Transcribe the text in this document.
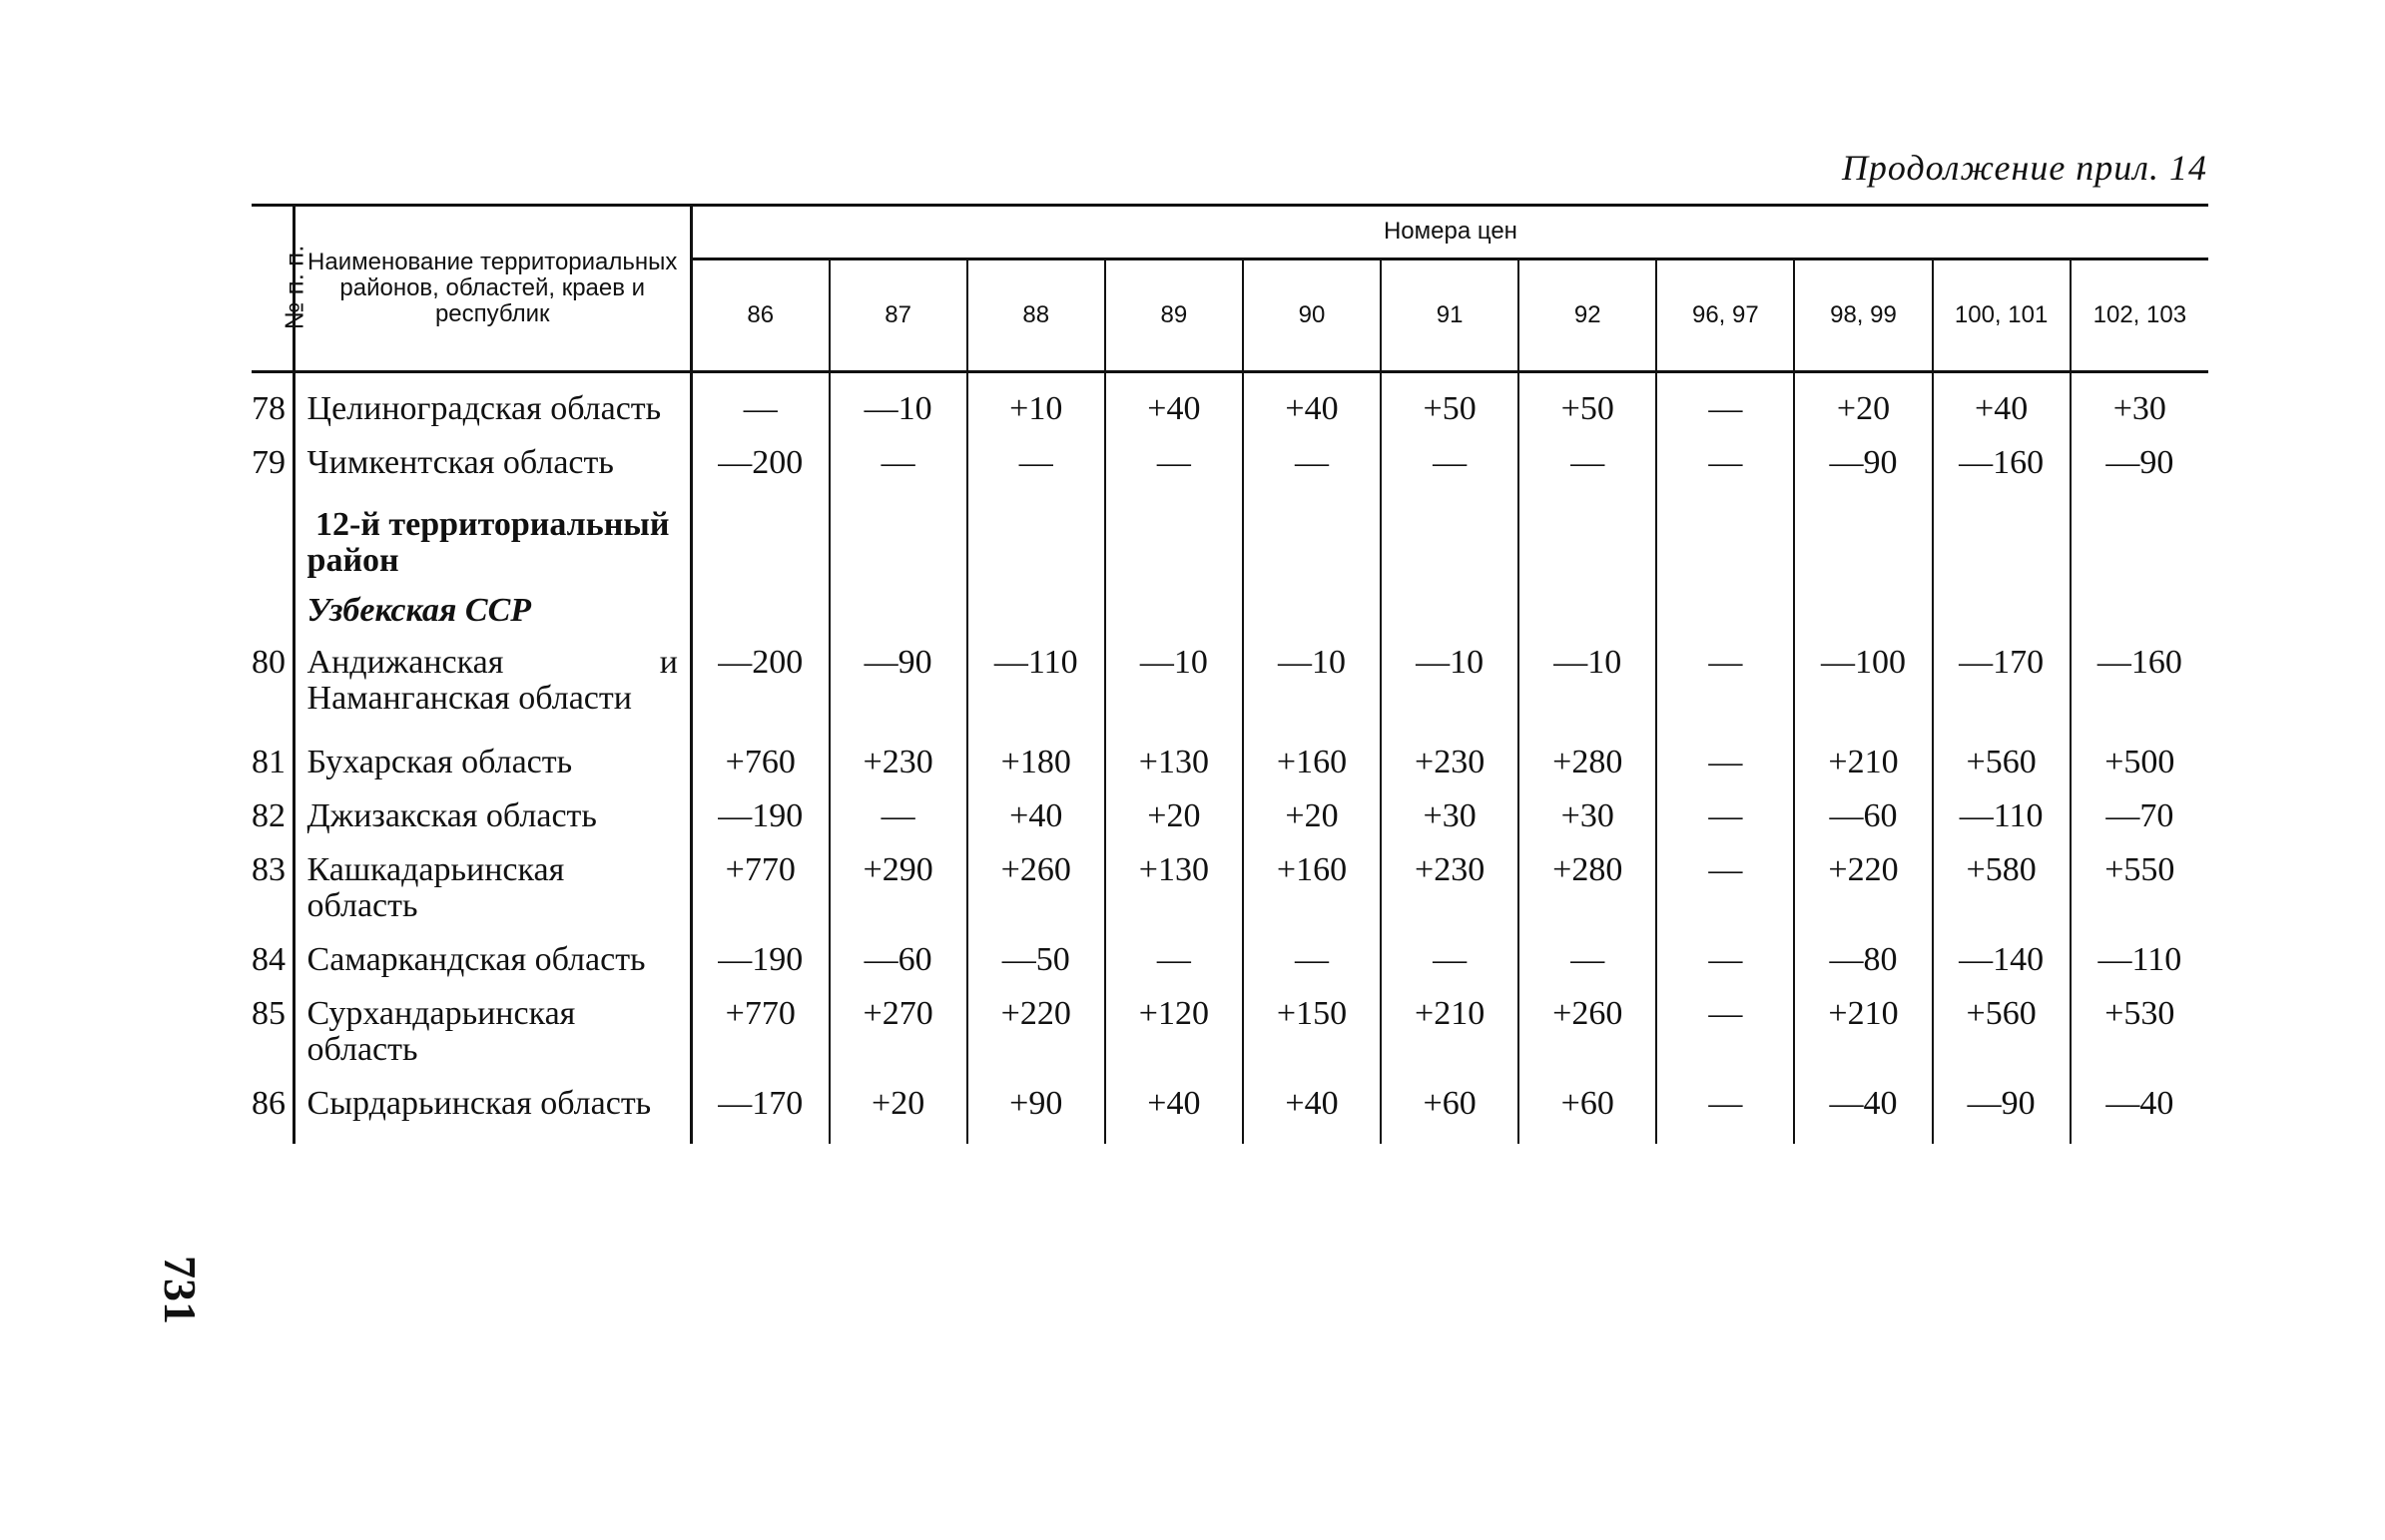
Продолжение прил. 14
731
№ п. п.	Наименование территориальных районов, областей, краев и республик	Номера цен										
		86	87	88	89	90	91	92	96, 97	98, 99	100, 101	102, 103
78	Целиноградская область	—	—10	+10	+40	+40	+50	+50	—	+20	+40	+30
79	Чимкентская область	—200	—	—	—	—	—	—	—	—90	—160	—90
	12-й территориальный район											
	Узбекская ССР											
80	Андижанская и Наманганская области	—200	—90	—110	—10	—10	—10	—10	—	—100	—170	—160
81	Бухарская область	+760	+230	+180	+130	+160	+230	+280	—	+210	+560	+500
82	Джизакская область	—190	—	+40	+20	+20	+30	+30	—	—60	—110	—70
83	Кашкадарьинская область	+770	+290	+260	+130	+160	+230	+280	—	+220	+580	+550
84	Самаркандская область	—190	—60	—50	—	—	—	—	—	—80	—140	—110
85	Сурхандарьинская область	+770	+270	+220	+120	+150	+210	+260	—	+210	+560	+530
86	Сырдарьинская область	—170	+20	+90	+40	+40	+60	+60	—	—40	—90	—40
